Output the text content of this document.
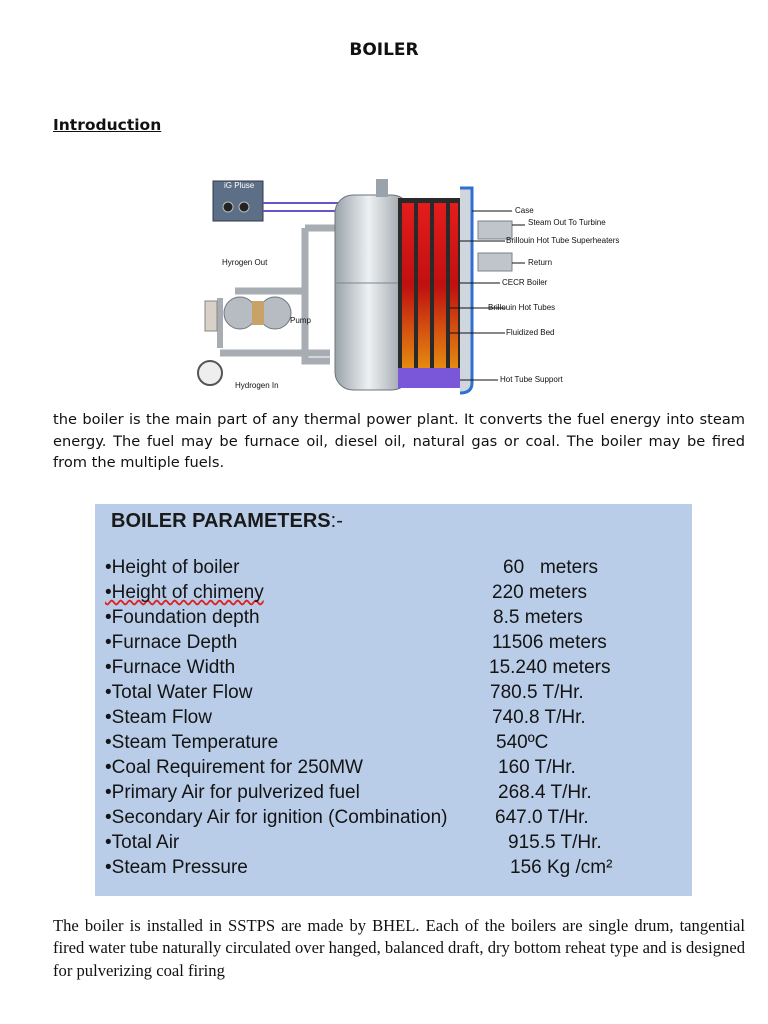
BOILER
Introduction
iG Pluse
Case
Steam Out To Turbine
Brillouin Hot Tube Superheaters
Return
CECR Boiler
Brillouin Hot Tubes
Fluidized Bed
Hot Tube Support
Hyrogen Out
Pump
Hydrogen In
the boiler is the main part of any thermal power plant. It converts the fuel energy into steam energy. The fuel may be furnace oil, diesel oil, natural gas or coal. The boiler may be fired from the multiple fuels.
BOILER PARAMETERS:-
•Height of boiler	60   meters
•Height of chimeny	220 meters
•Foundation depth	8.5 meters
•Furnace Depth	11506 meters
•Furnace Width	15.240 meters
•Total Water Flow	780.5 T/Hr.
•Steam Flow	740.8 T/Hr.
•Steam Temperature	540ºC
•Coal Requirement for 250MW	160 T/Hr.
•Primary Air for pulverized fuel	268.4 T/Hr.
•Secondary Air for ignition (Combination)	647.0 T/Hr.
•Total Air	915.5 T/Hr.
•Steam Pressure	156 Kg /cm²
The boiler is installed in SSTPS are made by BHEL. Each of the boilers are single drum, tangential fired water tube naturally circulated over hanged, balanced draft, dry bottom reheat type and is designed for pulverizing coal firing
